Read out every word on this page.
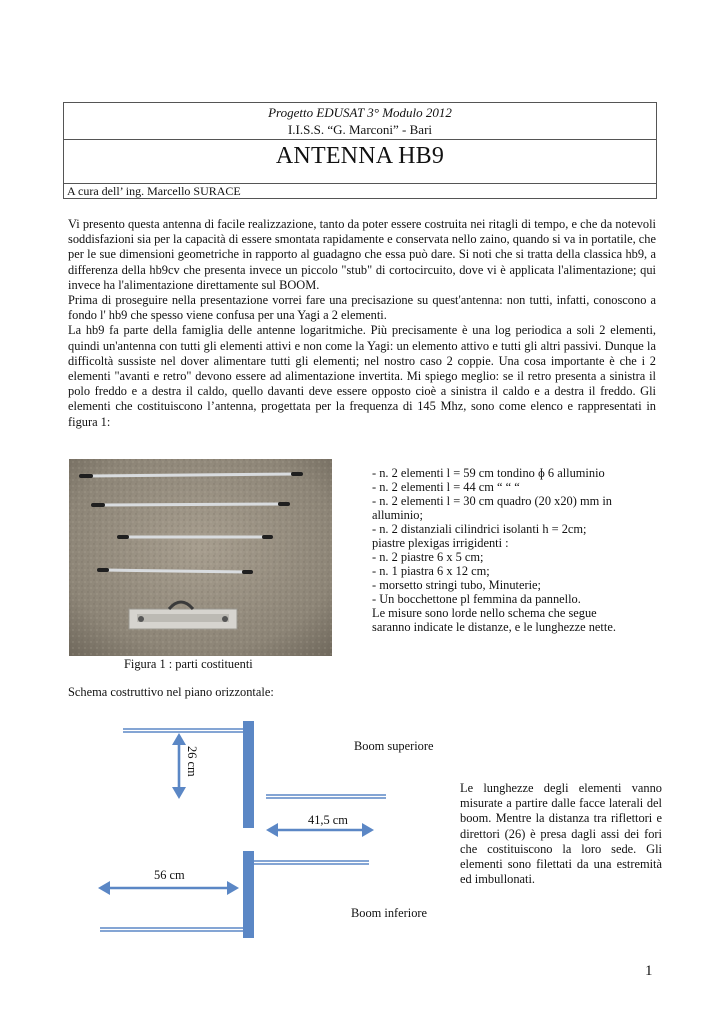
Progetto EDUSAT 3° Modulo 2012
I.I.S.S. “G. Marconi” - Bari
ANTENNA HB9
A cura dell’ ing. Marcello SURACE

Vi presento questa antenna di facile realizzazione, tanto da poter essere costruita nei ritagli di tempo, e che da notevoli soddisfazioni sia per la capacità di essere smontata rapidamente e conservata nello zaino, quando si va in portatile, che per le sue dimensioni geometriche in rapporto al guadagno che essa può dare. Si noti che si tratta della classica hb9, a differenza della hb9cv che presenta invece un piccolo "stub" di cortocircuito, dove vi è applicata l'alimentazione; qui invece ha l'alimentazione direttamente sul BOOM.

Prima di proseguire nella presentazione vorrei fare una precisazione su quest'antenna: non tutti, infatti, conoscono a fondo l' hb9 che spesso viene confusa per una Yagi a 2 elementi.

La hb9 fa parte della famiglia delle antenne logaritmiche. Più precisamente è una log periodica a soli 2 elementi, quindi un'antenna con tutti gli elementi attivi e non come la Yagi: un elemento attivo e tutti gli altri passivi. Dunque la difficoltà sussiste nel dover alimentare tutti gli elementi; nel nostro caso 2 coppie. Una cosa importante è che i 2 elementi "avanti e retro" devono essere ad alimentazione invertita. Mi spiego meglio: se il retro presenta a sinistra il polo freddo e a destra il caldo, quello davanti deve essere opposto cioè a sinistra il caldo e a destra il freddo. Gli elementi che costituiscono l’antenna, progettata per la frequenza di 145 Mhz, sono come elenco e rappresentati in figura 1:

Figura 1 : parti costituenti
- n. 2 elementi l = 59 cm tondino ɸ 6 alluminio
- n. 2 elementi l = 44 cm “ “ “
- n. 2 elementi l = 30 cm quadro (20 x20) mm in
alluminio;
- n. 2 distanziali cilindrici isolanti h = 2cm;
piastre plexigas irrigidenti :
- n. 2 piastre 6 x 5 cm;
- n. 1 piastra 6 x 12 cm;
- morsetto stringi tubo, Minuterie;
- Un bocchettone pl femmina da pannello.
Le misure sono lorde nello schema che segue
saranno indicate le distanze, e le lunghezze nette.
Schema costruttivo nel piano orizzontale:
26 cm	Boom superiore
41,5 cm
56 cm
Boom inferiore
Le lunghezze degli elementi vanno misurate a partire dalle facce laterali del boom. Mentre la distanza tra riflettori e direttori (26) è presa dagli assi dei fori che costituiscono la loro sede. Gli elementi sono filettati da una estremità ed imbullonati.
1
